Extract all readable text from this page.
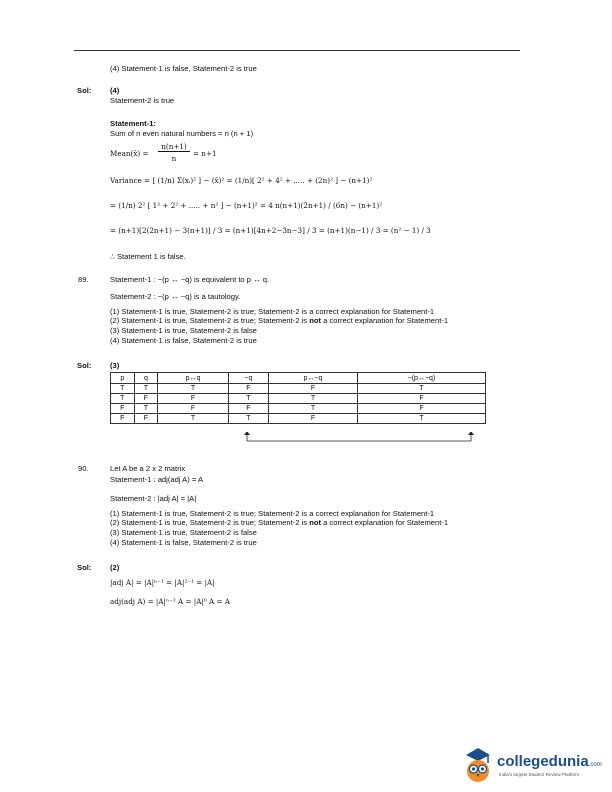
(4) Statement-1 is false, Statement-2 is true
Sol: (4)
Statement-2 is true
Statement-1:
Sum of n even natural numbers = n (n + 1)
Mean(x̄) =
n(n+1)
n
= n+1
Variance = [ (1/n) Σ(xᵢ)² ] − (x̄)² = (1/n)[ 2² + 4² + ..... + (2n)² ] − (n+1)²
= (1/n) 2² [ 1² + 2² + ..... + n² ] − (n+1)² = 4 n(n+1)(2n+1) / (6n) − (n+1)²
= (n+1)[2(2n+1) − 3(n+1)] / 3 = (n+1)[4n+2−3n−3] / 3 = (n+1)(n−1) / 3 = (n² − 1) / 3
∴ Statement 1 is false.
89.	Statement-1 : ~(p ↔ ~q) is equivalent to p ↔ q.
Statement-2 : ~(p ↔ ~q) is a tautology.
(1) Statement-1 is true, Statement-2 is true; Statement-2 is a correct explanation for Statement-1
(2) Statement-1 is true, Statement-2 is true; Statement-2 is not a correct explanation for Statement-1
(3) Statement-1 is true, Statement-2 is false
(4) Statement-1 is false, Statement-2 is true
Sol: (3)
p	q	p↔q	~q	p↔~q	~(p↔~q)
T	T	T	F	F	T
T	F	F	T	T	F
F	T	F	F	T	F
F	F	T	T	F	T
90.	Let A be a 2 x 2 matrix
Statement-1 : adj(adj A) = A
Statement-2 : |adj A| = |A|
(1) Statement-1 is true, Statement-2 is true; Statement-2 is a correct explanation for Statement-1
(2) Statement-1 is true, Statement-2 is true; Statement-2 is not a correct explanation for Statement-1
(3) Statement-1 is true, Statement-2 is false
(4) Statement-1 is false, Statement-2 is true
Sol: (2)
|adj A| = |A|ⁿ⁻¹ = |A|²⁻¹ = |A|
adj(adj A) = |A|ⁿ⁻² A = |A|⁰ A = A
collegedunia.com
India's largest Student Review Platform
